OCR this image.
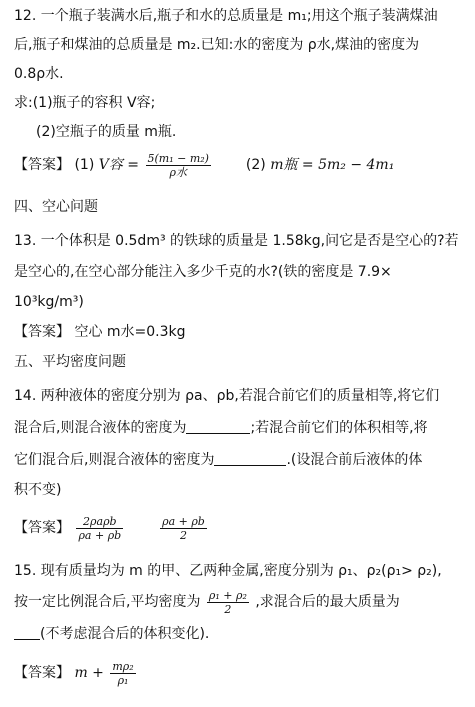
12. 一个瓶子装满水后,瓶子和水的总质量是 m₁;用这个瓶子装满煤油
后,瓶子和煤油的总质量是 m₂.已知:水的密度为 ρ水,煤油的密度为
0.8ρ水.
求:(1)瓶子的容积 V容;
(2)空瓶子的质量 m瓶.
【答案】 (1) V容 = $\frac{\text{5(m₁ − m₂)}}{\text{ρ水}} (2)$ m瓶 = 5m₂ − 4m₁
四、空心问题
13. 一个体积是 0.5dm³ 的铁球的质量是 1.58kg,问它是否是空心的?若
是空心的,在空心部分能注入多少千克的水?(铁的密度是 7.9×
10³kg/m³)
【答案】 空心 m水=0.3kg
五、平均密度问题
14. 两种液体的密度分别为 ρa、ρb,若混合前它们的质量相等,将它们
混合后,则混合液体的密度为	;若混合前它们的体积相等,将
它们混合后,则混合液体的密度为	.(设混合前后液体的体
积不变)
【答案】 $\frac{\text{2ρaρb}}{\rho a + \rho b}$
	$\frac{\rho a + \rho b}{2}$
15. 现有质量均为 m 的甲、乙两种金属,密度分别为 ρ₁、ρ₂(ρ₁> ρ₂),
按一定比例混合后,平均密度为 $\frac{\text{ρ₁ + ρ₂}}{2}$ ,求混合后的最大质量为
(不考虑混合后的体积变化).
【答案】 $m + \frac{\text{mρ₂}}{\text{ρ₁}}$
